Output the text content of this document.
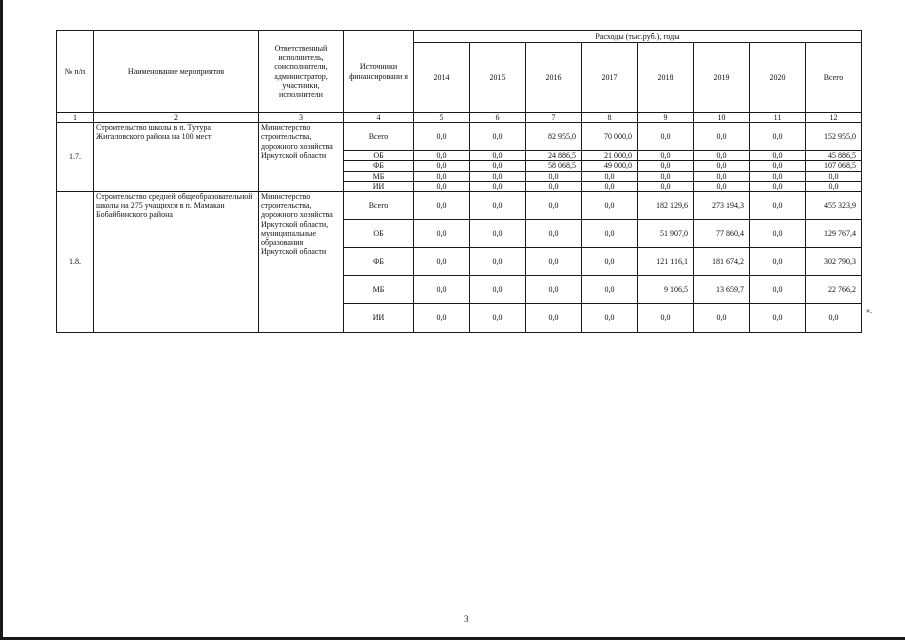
№ п/п	Наименование мероприятия	Ответственный исполнитель, соисполнители, администратор, участники, исполнители	Источники финансировани я	Расходы (тыс.руб.), годы							
				2014	2015	2016	2017	2018	2019	2020	Всего
1	2	3	4	5	6	7	8	9	10	11	12
1.7.	Строительство школы в п. Тутура Жигаловского района на 100 мест	Министерство строительства, дорожного хозяйства Иркутской области	Всего	0,0	0,0	82 955,0	70 000,0	0,0	0,0	0,0	152 955,0
			ОБ	0,0	0,0	24 886,5	21 000,0	0,0	0,0	0,0	45 886,5
			ФБ	0,0	0,0	58 068,5	49 000,0	0,0	0,0	0,0	107 068,5
			МБ	0,0	0,0	0,0	0,0	0,0	0,0	0,0	0,0
			ИИ	0,0	0,0	0,0	0,0	0,0	0,0	0,0	0,0
1.8.	Строительство средней общеобразовательной школы на 275 учащихся в п. Мамакан Бобайбинского района	Министерство строительства, дорожного хозяйства Иркутской области, муниципальные образования Иркутской области	Всего	0,0	0,0	0,0	0,0	182 129,6	273 194,3	0,0	455 323,9
			ОБ	0,0	0,0	0,0	0,0	51 907,0	77 860,4	0,0	129 767,4
			ФБ	0,0	0,0	0,0	0,0	121 116,1	181 674,2	0,0	302 790,3
			МБ	0,0	0,0	0,0	0,0	9 106,5	13 659,7	0,0	22 766,2
			ИИ	0,0	0,0	0,0	0,0	0,0	0,0	0,0	0,0
».
3
